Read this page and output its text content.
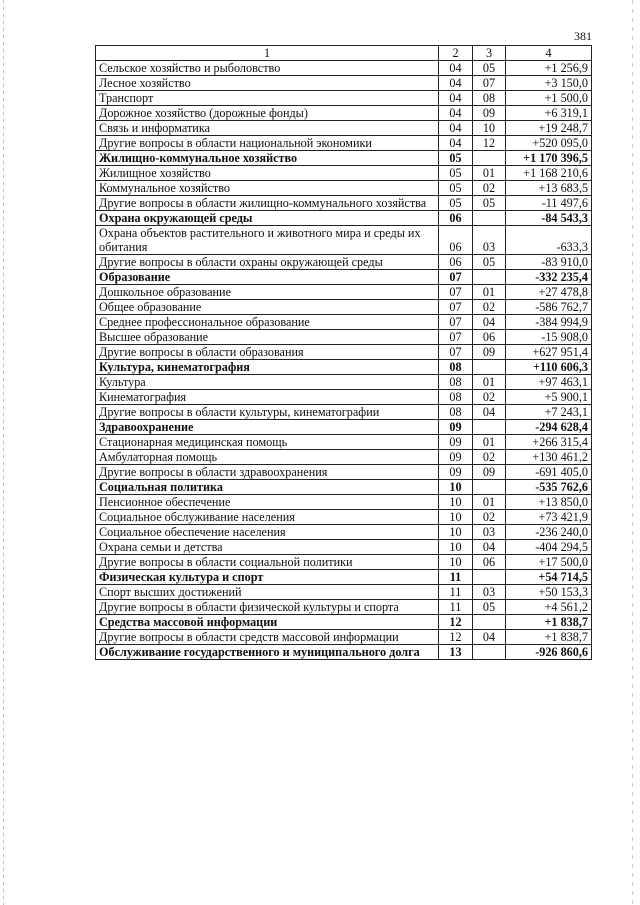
381
1	2	3	4
Сельское хозяйство и рыболовство	04	05	+1 256,9
Лесное хозяйство	04	07	+3 150,0
Транспорт	04	08	+1 500,0
Дорожное хозяйство (дорожные фонды)	04	09	+6 319,1
Связь и информатика	04	10	+19 248,7
Другие вопросы в области национальной экономики	04	12	+520 095,0
Жилищно-коммунальное хозяйство	05		+1 170 396,5
Жилищное хозяйство	05	01	+1 168 210,6
Коммунальное хозяйство	05	02	+13 683,5
Другие вопросы в области жилищно-коммунального хозяйства	05	05	-11 497,6
Охрана окружающей среды	06		-84 543,3
Охрана объектов растительного и животного мира и среды их обитания	06	03	-633,3
Другие вопросы в области охраны окружающей среды	06	05	-83 910,0
Образование	07		-332 235,4
Дошкольное образование	07	01	+27 478,8
Общее образование	07	02	-586 762,7
Среднее профессиональное образование	07	04	-384 994,9
Высшее образование	07	06	-15 908,0
Другие вопросы в области образования	07	09	+627 951,4
Культура, кинематография	08		+110 606,3
Культура	08	01	+97 463,1
Кинематография	08	02	+5 900,1
Другие вопросы в области культуры, кинематографии	08	04	+7 243,1
Здравоохранение	09		-294 628,4
Стационарная медицинская помощь	09	01	+266 315,4
Амбулаторная помощь	09	02	+130 461,2
Другие вопросы в области здравоохранения	09	09	-691 405,0
Социальная политика	10		-535 762,6
Пенсионное обеспечение	10	01	+13 850,0
Социальное обслуживание населения	10	02	+73 421,9
Социальное обеспечение населения	10	03	-236 240,0
Охрана семьи и детства	10	04	-404 294,5
Другие вопросы в области социальной политики	10	06	+17 500,0
Физическая культура и спорт	11		+54 714,5
Спорт высших достижений	11	03	+50 153,3
Другие вопросы в области физической культуры и спорта	11	05	+4 561,2
Средства массовой информации	12		+1 838,7
Другие вопросы в области средств массовой информации	12	04	+1 838,7
Обслуживание государственного и муниципального долга	13		-926 860,6
